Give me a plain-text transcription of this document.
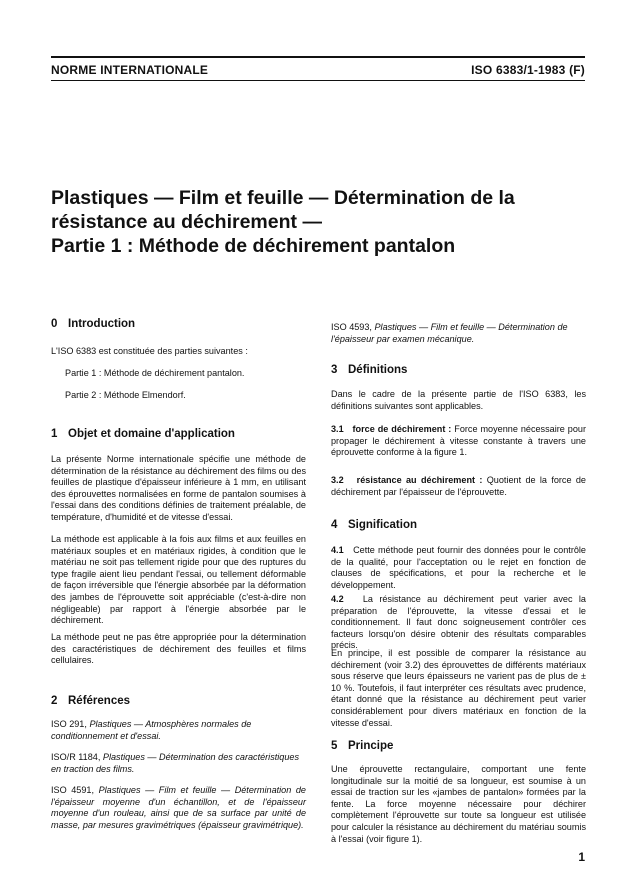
NORME INTERNATIONALE	ISO 6383/1-1983 (F)
Plastiques — Film et feuille — Détermination de la
résistance au déchirement —
Partie 1 : Méthode de déchirement pantalon
0 Introduction
L'ISO 6383 est constituée des parties suivantes :
Partie 1 : Méthode de déchirement pantalon.
Partie 2 : Méthode Elmendorf.
1 Objet et domaine d'application
La présente Norme internationale spécifie une méthode de détermination de la résistance au déchirement des films ou des feuilles de plastique d'épaisseur inférieure à 1 mm, en utilisant des éprouvettes normalisées en forme de pantalon soumises à l'essai dans des conditions définies de traitement préalable, de température, d'humidité et de vitesse d'essai.
La méthode est applicable à la fois aux films et aux feuilles en matériaux souples et en matériaux rigides, à condition que le matériau ne soit pas tellement rigide pour que des ruptures du type fragile aient lieu pendant l'essai, ou tellement déformable de façon irréversible que l'énergie absorbée par la déformation des jambes de l'éprouvette soit appréciable (c'est-à-dire non négligeable) par rapport à l'énergie absorbée par le déchirement.
La méthode peut ne pas être appropriée pour la détermination des caractéristiques de déchirement des feuilles et films cellulaires.
2 Références
ISO 291, Plastiques — Atmosphères normales de conditionnement et d'essai.
ISO/R 1184, Plastiques — Détermination des caractéristiques en traction des films.
ISO 4591, Plastiques — Film et feuille — Détermination de l'épaisseur moyenne d'un échantillon, et de l'épaisseur moyenne d'un rouleau, ainsi que de sa surface par unité de masse, par mesures gravimétriques (épaisseur gravimétrique).
ISO 4593, Plastiques — Film et feuille — Détermination de l'épaisseur par examen mécanique.
3 Définitions
Dans le cadre de la présente partie de l'ISO 6383, les définitions suivantes sont applicables.
3.1 force de déchirement : Force moyenne nécessaire pour propager le déchirement à vitesse constante à travers une éprouvette conforme à la figure 1.
3.2 résistance au déchirement : Quotient de la force de déchirement par l'épaisseur de l'éprouvette.
4 Signification
4.1 Cette méthode peut fournir des données pour le contrôle de la qualité, pour l'acceptation ou le rejet en fonction de clauses de spécifications, et pour la recherche et le développement.
4.2 La résistance au déchirement peut varier avec la préparation de l'éprouvette, la vitesse d'essai et le conditionnement. Il faut donc soigneusement contrôler ces facteurs lorsqu'on désire obtenir des résultats comparables précis.
En principe, il est possible de comparer la résistance au déchirement (voir 3.2) des éprouvettes de différents matériaux sous réserve que leurs épaisseurs ne varient pas de plus de ± 10 %. Toutefois, il faut interpréter ces résultats avec prudence, étant donné que la résistance au déchirement peut varier considérablement pour divers matériaux en fonction de la vitesse d'essai.
5 Principe
Une éprouvette rectangulaire, comportant une fente longitudinale sur la moitié de sa longueur, est soumise à un essai de traction sur les «jambes de pantalon» formées par la fente. La force moyenne nécessaire pour déchirer complètement l'éprouvette sur toute sa longueur est utilisée pour calculer la résistance au déchirement du matériau soumis à l'essai (voir figure 1).
1
